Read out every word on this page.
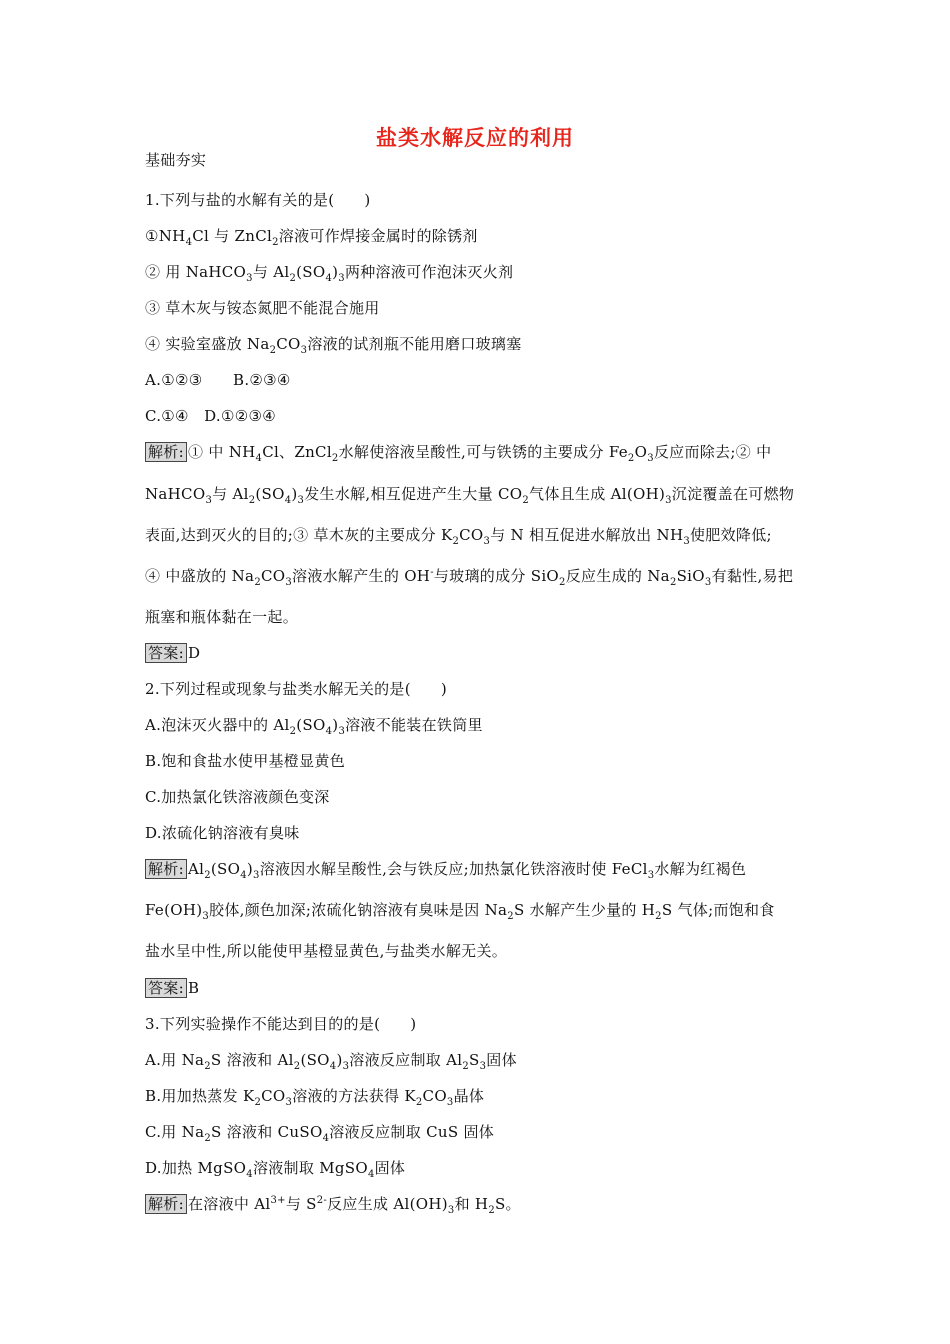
盐类水解反应的利用
基础夯实
1.下列与盐的水解有关的是( )
$①NH_4Cl$ 与 ZnCl$_2$溶液可作焊接金属时的除锈剂
② 用 NaHCO$_3$与 $Al_2(SO_4)_3$两种溶液可作泡沫灭火剂
③ 草木灰与铵态氮肥不能混合施用
④ 实验室盛放 $Na_2CO_3$溶液的试剂瓶不能用磨口玻璃塞
A.①②③　　B.②③④
C.①④　D.①②③④
解析: ① 中 $NH_4Cl$、ZnCl$_2$水解使溶液呈酸性,可与铁锈的主要成分 $Fe_2O_3$反应而除去;② 中
NaHCO$_3$与 $Al_2(SO_4)_3$发生水解,相互促进产生大量 $CO_2$气体且生成 $Al(OH)_3$沉淀覆盖在可燃物
表面,达到灭火的目的;③ 草木灰的主要成分 $K_2CO_3$与 N 相互促进水解放出 $NH_3$使肥效降低;
④ 中盛放的 $Na_2CO_3$溶液水解产生的 OH-与玻璃的成分 SiO$_2$反应生成的 $Na_2SiO_3$有黏性,易把
瓶塞和瓶体黏在一起。
答案: D
2.下列过程或现象与盐类水解无关的是( )
A.泡沫灭火器中的 $Al_2(SO_4)_3$溶液不能装在铁筒里
B.饱和食盐水使甲基橙显黄色
C.加热氯化铁溶液颜色变深
D.浓硫化钠溶液有臭味
解析: $Al_2(SO_4)_3$溶液因水解呈酸性,会与铁反应;加热氯化铁溶液时使 FeCl$_3$水解为红褐色
$Fe(OH)_3$胶体,颜色加深;浓硫化钠溶液有臭味是因 $Na_2S$ 水解产生少量的 $H_2S$ 气体;而饱和食
盐水呈中性,所以能使甲基橙显黄色,与盐类水解无关。
答案: B
3.下列实验操作不能达到目的的是( )
A.用 $Na_2S$ 溶液和 $Al_2(SO_4)_3$溶液反应制取 $Al_2S_3$固体
B.用加热蒸发 $K_2CO_3$溶液的方法获得 $K_2CO_3$晶体
C.用 $Na_2S$ 溶液和 CuSO$_4$溶液反应制取 CuS 固体
D.加热 MgSO$_4$溶液制取 MgSO$_4$固体
解析: 在溶液中 $Al^{3+}$与 $S^{2-}$反应生成 $Al(OH)_3$和 $H_2S$。
